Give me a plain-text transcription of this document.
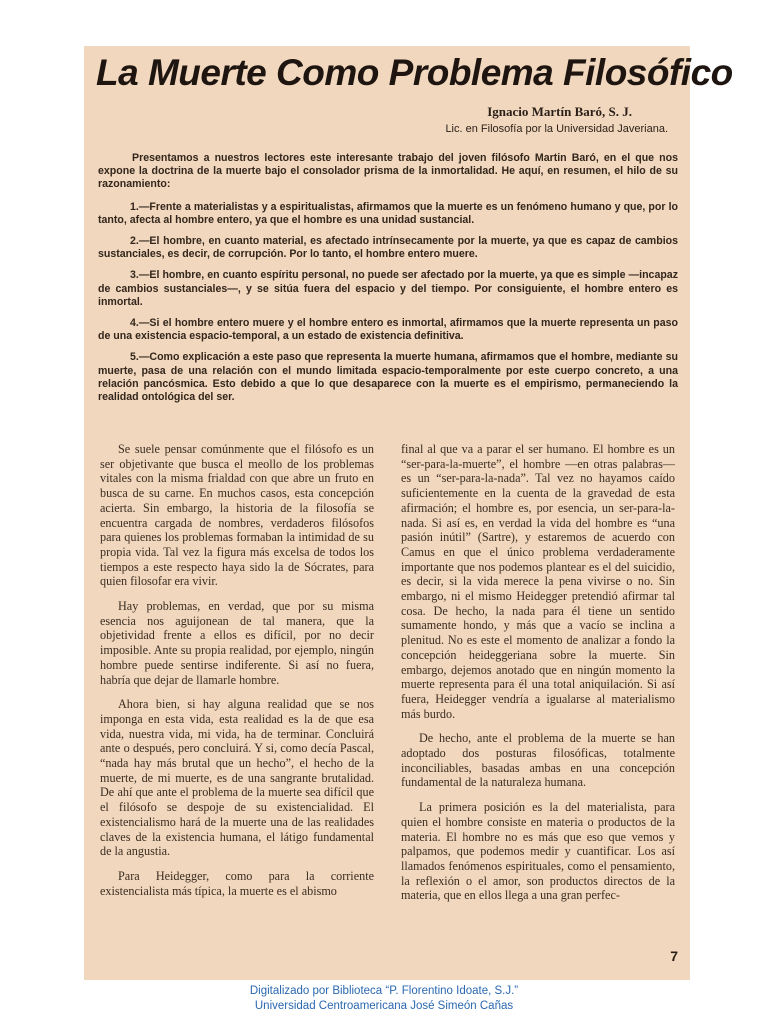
La Muerte Como Problema Filosófico
Ignacio Martín Baró, S. J.
Lic. en Filosofía por la Universidad Javeriana.

Presentamos a nuestros lectores este interesante trabajo del joven filósofo Martin Baró, en el que nos expone la doctrina de la muerte bajo el consolador prisma de la inmortalidad. He aquí, en resumen, el hilo de su razonamiento:

1.—Frente a materialistas y a espiritualistas, afirmamos que la muerte es un fenómeno humano y que, por lo tanto, afecta al hombre entero, ya que el hombre es una unidad sustancial.

2.—El hombre, en cuanto material, es afectado intrínsecamente por la muerte, ya que es capaz de cambios sustanciales, es decir, de corrupción. Por lo tanto, el hombre entero muere.

3.—El hombre, en cuanto espíritu personal, no puede ser afectado por la muerte, ya que es simple —incapaz de cambios sustanciales—, y se sitúa fuera del espacio y del tiempo. Por consiguiente, el hombre entero es inmortal.

4.—Si el hombre entero muere y el hombre entero es inmortal, afirmamos que la muerte representa un paso de una existencia espacio-temporal, a un estado de existencia definitiva.

5.—Como explicación a este paso que representa la muerte humana, afirmamos que el hombre, mediante su muerte, pasa de una relación con el mundo limitada espacio-temporalmente por este cuerpo concreto, a una relación pancósmica. Esto debido a que lo que desaparece con la muerte es el empirismo, permaneciendo la realidad ontológica del ser.

Se suele pensar comúnmente que el filósofo es un ser objetivante que busca el meollo de los problemas vitales con la misma frialdad con que abre un fruto en busca de su carne. En muchos casos, esta concepción acierta. Sin embargo, la historia de la filosofía se encuentra cargada de nombres, verdaderos filósofos para quienes los problemas formaban la intimidad de su propia vida. Tal vez la figura más excelsa de todos los tiempos a este respecto haya sido la de Sócrates, para quien filosofar era vivir.

Hay problemas, en verdad, que por su misma esencia nos aguijonean de tal manera, que la objetividad frente a ellos es difícil, por no decir imposible. Ante su propia realidad, por ejemplo, ningún hombre puede sentirse indiferente. Si así no fuera, habría que dejar de llamarle hombre.

Ahora bien, si hay alguna realidad que se nos imponga en esta vida, esta realidad es la de que esa vida, nuestra vida, mi vida, ha de terminar. Concluirá ante o después, pero concluirá. Y si, como decía Pascal, “nada hay más brutal que un hecho”, el hecho de la muerte, de mi muerte, es de una sangrante brutalidad. De ahí que ante el problema de la muerte sea difícil que el filósofo se despoje de su existencialidad. El existencialismo hará de la muerte una de las realidades claves de la existencia humana, el látigo fundamental de la angustia.

Para Heidegger, como para la corriente existencialista más típica, la muerte es el abismo

final al que va a parar el ser humano. El hombre es un “ser-para-la-muerte”, el hombre —en otras palabras— es un “ser-para-la-nada”. Tal vez no hayamos caído suficientemente en la cuenta de la gravedad de esta afirmación; el hombre es, por esencia, un ser-para-la-nada. Si así es, en verdad la vida del hombre es “una pasión inútil” (Sartre), y estaremos de acuerdo con Camus en que el único problema verdaderamente importante que nos podemos plantear es el del suicidio, es decir, si la vida merece la pena vivirse o no. Sin embargo, ni el mismo Heidegger pretendió afirmar tal cosa. De hecho, la nada para él tiene un sentido sumamente hondo, y más que a vacío se inclina a plenitud. No es este el momento de analizar a fondo la concepción heideggeriana sobre la muerte. Sin embargo, dejemos anotado que en ningún momento la muerte representa para él una total aniquilación. Si así fuera, Heidegger vendría a igualarse al materialismo más burdo.

De hecho, ante el problema de la muerte se han adoptado dos posturas filosóficas, totalmente inconciliables, basadas ambas en una concepción fundamental de la naturaleza humana.

La primera posición es la del materialista, para quien el hombre consiste en materia o productos de la materia. El hombre no es más que eso que vemos y palpamos, que podemos medir y cuantificar. Los así llamados fenómenos espirituales, como el pensamiento, la reflexión o el amor, son productos directos de la materia, que en ellos llega a una gran perfec-

7
Digitalizado por Biblioteca “P. Florentino Idoate, S.J.”
Universidad Centroamericana José Simeón Cañas
